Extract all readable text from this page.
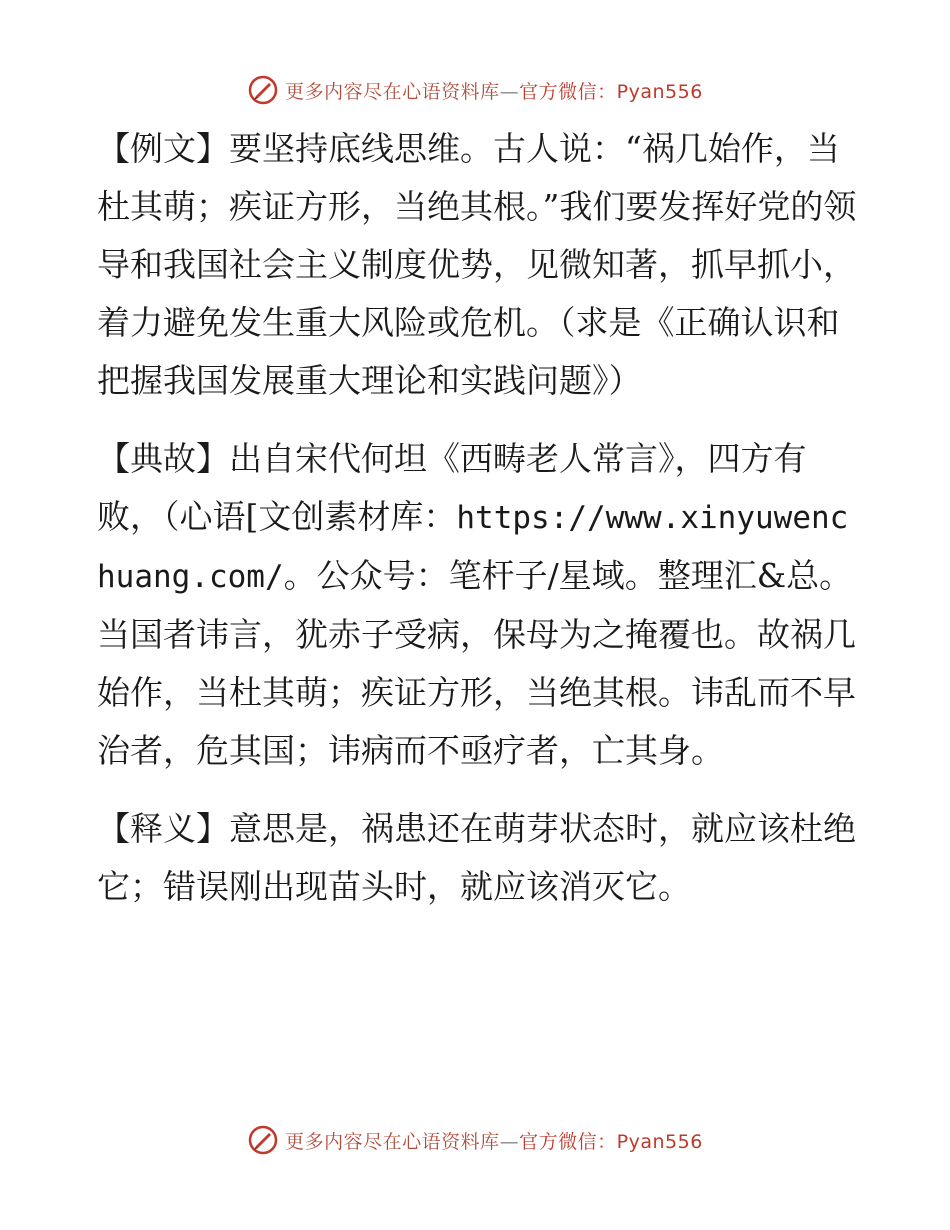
更多内容尽在心语资料库—官方微信：Pyan556

【例文】要坚持底线思维。古人说：“祸几始作，当杜其萌；疾证方形，当绝其根。”我们要发挥好党的领导和我国社会主义制度优势，见微知著，抓早抓小，着力避免发生重大风险或危机。（求是《正确认识和把握我国发展重大理论和实践问题》）

【典故】出自宋代何坦《西畴老人常言》，四方有败，（心语[文创素材库：https://www.xinyuwenchuang.com/。公众号：笔杆子/星域。整理汇&总。当国者讳言，犹赤子受病，保母为之掩覆也。故祸几始作，当杜其萌；疾证方形，当绝其根。讳乱而不早治者，危其国；讳病而不亟疗者，亡其身。

【释义】意思是，祸患还在萌芽状态时，就应该杜绝它；错误刚出现苗头时，就应该消灭它。

更多内容尽在心语资料库—官方微信：Pyan556
